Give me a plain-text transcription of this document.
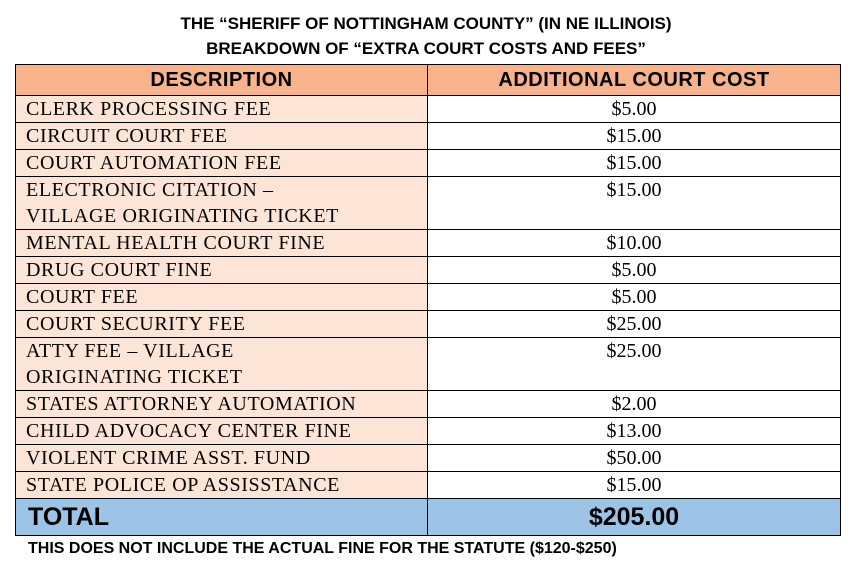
THE “SHERIFF OF NOTTINGHAM COUNTY” (IN NE ILLINOIS)
BREAKDOWN OF “EXTRA COURT COSTS AND FEES”
DESCRIPTION	ADDITIONAL COURT COST
CLERK PROCESSING FEE	$5.00
CIRCUIT COURT FEE	$15.00
COURT AUTOMATION FEE	$15.00
ELECTRONIC CITATION –
VILLAGE ORIGINATING TICKET	$15.00
MENTAL HEALTH COURT FINE	$10.00
DRUG COURT FINE	$5.00
COURT FEE	$5.00
COURT SECURITY FEE	$25.00
ATTY FEE – VILLAGE
ORIGINATING TICKET	$25.00
STATES ATTORNEY AUTOMATION	$2.00
CHILD ADVOCACY CENTER FINE	$13.00
VIOLENT CRIME ASST. FUND	$50.00
STATE POLICE OP ASSISSTANCE	$15.00
TOTAL	$205.00
THIS DOES NOT INCLUDE THE ACTUAL FINE FOR THE STATUTE ($120-$250)
